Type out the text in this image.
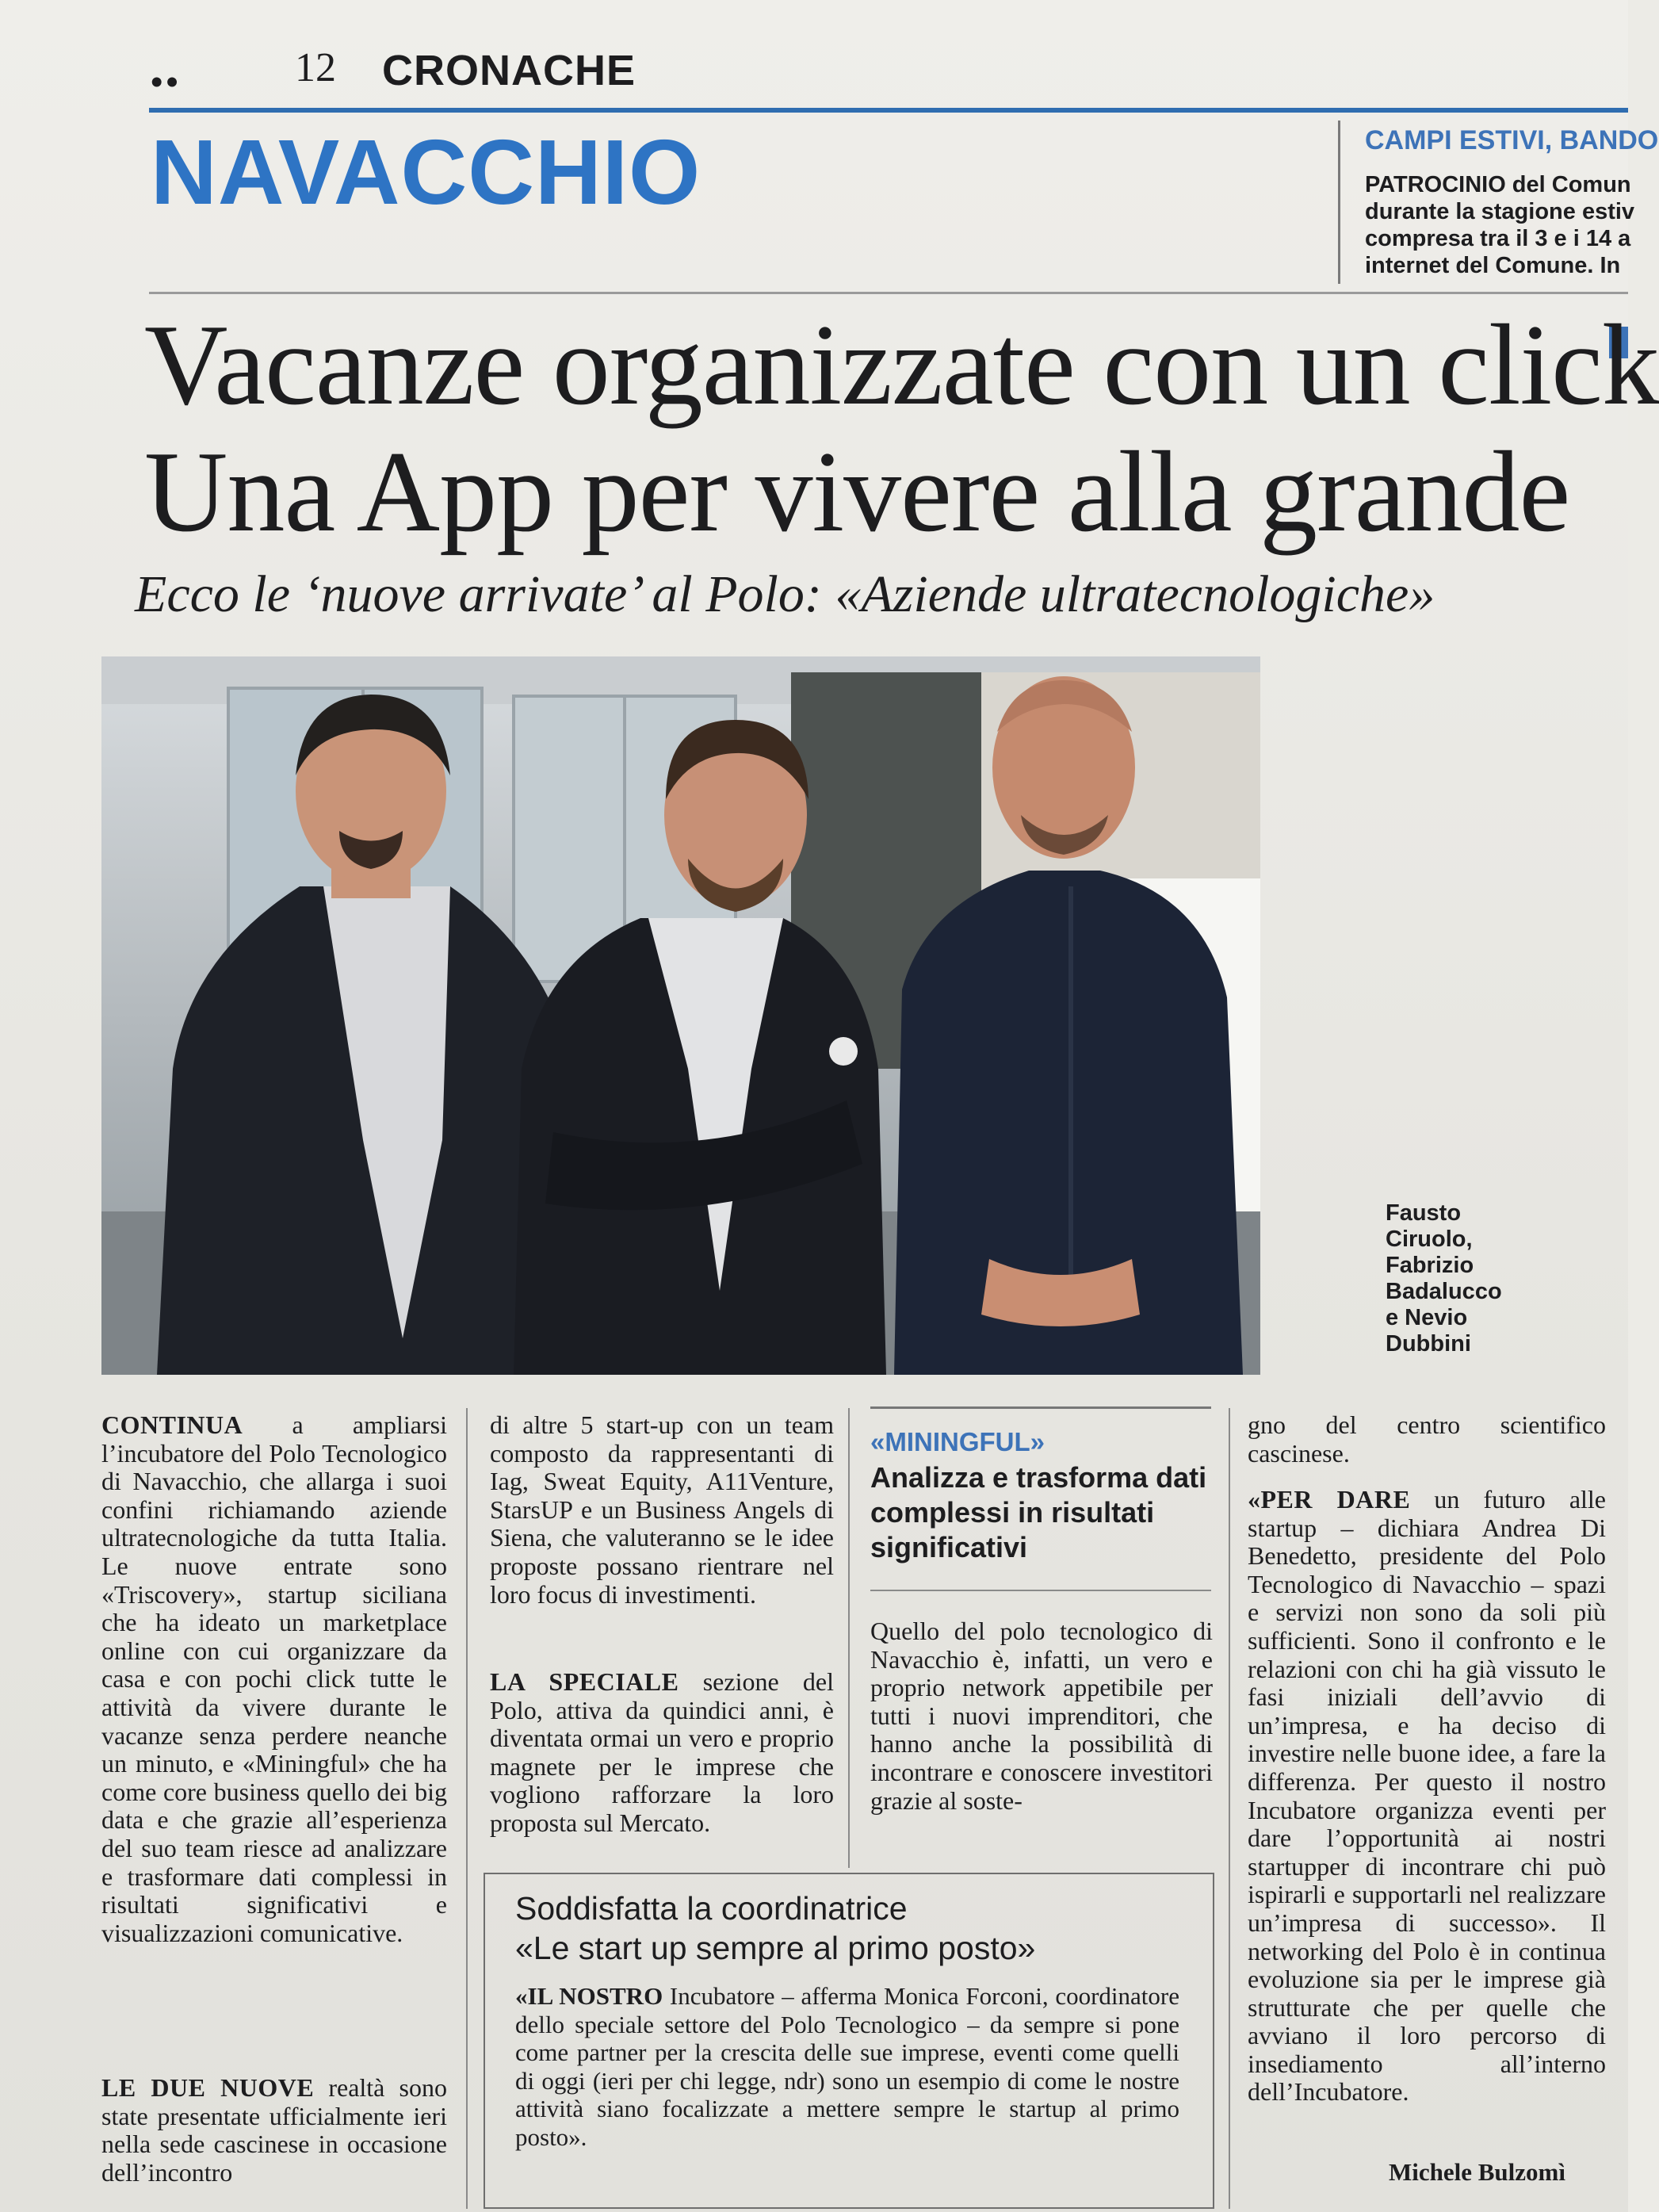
••	12 CRONACHE
NAVACCHIO	CAMPI ESTIVI, BANDO
PATROCINIO del Comun
durante la stagione estiv
compresa tra il 3 e i 14 a
internet del Comune. In
Vacanze organizzate con un click
Una App per vivere alla grande
Ecco le ‘nuove arrivate’ al Polo: «Aziende ultratecnologiche»
Fausto
Ciruolo,
Fabrizio
Badalucco
e Nevio
Dubbini
CONTINUA a ampliarsi l’incubatore del Polo Tecnologico di Navacchio, che allarga i suoi confini richiamando aziende ultratecnologiche da tutta Italia. Le nuove entrate sono «Triscovery», startup siciliana che ha ideato un marketplace online con cui organizzare da casa e con pochi click tutte le attività da vivere durante le vacanze senza perdere neanche un minuto, e «Miningful» che ha come core business quello dei big data e che grazie all’esperienza del suo team riesce ad analizzare e trasformare dati complessi in risultati significativi e visualizzazioni comunicative.
LE DUE NUOVE realtà sono state presentate ufficialmente ieri nella sede cascinese in occasione dell’incontro
di altre 5 start-up con un team composto da rappresentanti di Iag, Sweat Equity, A11Venture, StarsUP e un Business Angels di Siena, che valuteranno se le idee proposte possano rientrare nel loro focus di investimenti.
LA SPECIALE sezione del Polo, attiva da quindici anni, è diventata ormai un vero e proprio magnete per le imprese che vogliono rafforzare la loro proposta sul Mercato.
«MININGFUL»
Analizza e trasforma dati complessi in risultati significativi
Quello del polo tecnologico di Navacchio è, infatti, un vero e proprio network appetibile per tutti i nuovi imprenditori, che hanno anche la possibilità di incontrare e conoscere investitori grazie al soste-
gno del centro scientifico cascinese.
«PER DARE un futuro alle startup – dichiara Andrea Di Benedetto, presidente del Polo Tecnologico di Navacchio – spazi e servizi non sono da soli più sufficienti. Sono il confronto e le relazioni con chi ha già vissuto le fasi iniziali dell’avvio di un’impresa, e ha deciso di investire nelle buone idee, a fare la differenza. Per questo il nostro Incubatore organizza eventi per dare l’opportunità ai nostri startupper di incontrare chi può ispirarli e supportarli nel realizzare un’impresa di successo». Il networking del Polo è in continua evoluzione sia per le imprese già strutturate che per quelle che avviano il loro percorso di insediamento all’interno dell’Incubatore.
Soddisfatta la coordinatrice
«Le start up sempre al primo posto»
«IL NOSTRO Incubatore – afferma Monica Forconi, coordinatore dello speciale settore del Polo Tecnologico – da sempre si pone come partner per la crescita delle sue imprese, eventi come quelli di oggi (ieri per chi legge, ndr) sono un esempio di come le nostre attività siano focalizzate a mettere sempre le startup al primo posto».
Michele Bulzomì
